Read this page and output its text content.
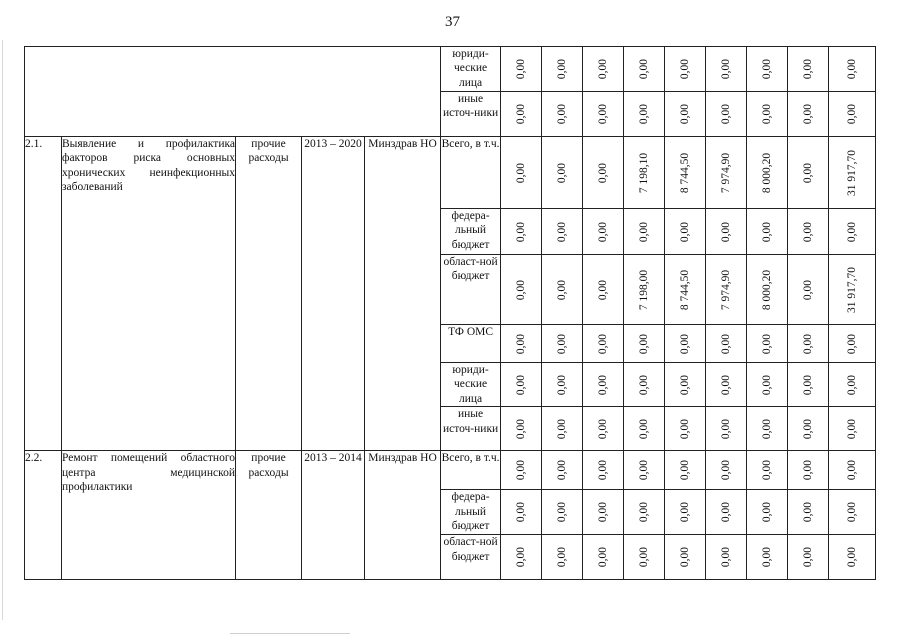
37
					юриди-ческие лица	0,00	0,00	0,00	0,00	0,00	0,00	0,00	0,00	0,00

					иные источ-ники	0,00	0,00	0,00	0,00	0,00	0,00	0,00	0,00	0,00

2.1.	Выявление и профилактика факторов риска основных хронических неинфекционных заболеваний	прочие расходы	2013 – 2020	Минздрав НО	Всего, в т.ч.	0,00	0,00	0,00	7 198,10	8 744,50	7 974,90	8 000,20	0,00	31 917,70

					федера-льный бюджет	0,00	0,00	0,00	0,00	0,00	0,00	0,00	0,00	0,00

					област-ной бюджет	0,00	0,00	0,00	7 198,00	8 744,50	7 974,90	8 000,20	0,00	31 917,70

					ТФ ОМС	0,00	0,00	0,00	0,00	0,00	0,00	0,00	0,00	0,00

					юриди-ческие лица	0,00	0,00	0,00	0,00	0,00	0,00	0,00	0,00	0,00

					иные источ-ники	0,00	0,00	0,00	0,00	0,00	0,00	0,00	0,00	0,00

2.2.	Ремонт помещений областного центра медицинской профилактики	прочие расходы	2013 – 2014	Минздрав НО	Всего, в т.ч.	0,00	0,00	0,00	0,00	0,00	0,00	0,00	0,00	0,00

					федера-льный бюджет	0,00	0,00	0,00	0,00	0,00	0,00	0,00	0,00	0,00

					област-ной бюджет	0,00	0,00	0,00	0,00	0,00	0,00	0,00	0,00	0,00
